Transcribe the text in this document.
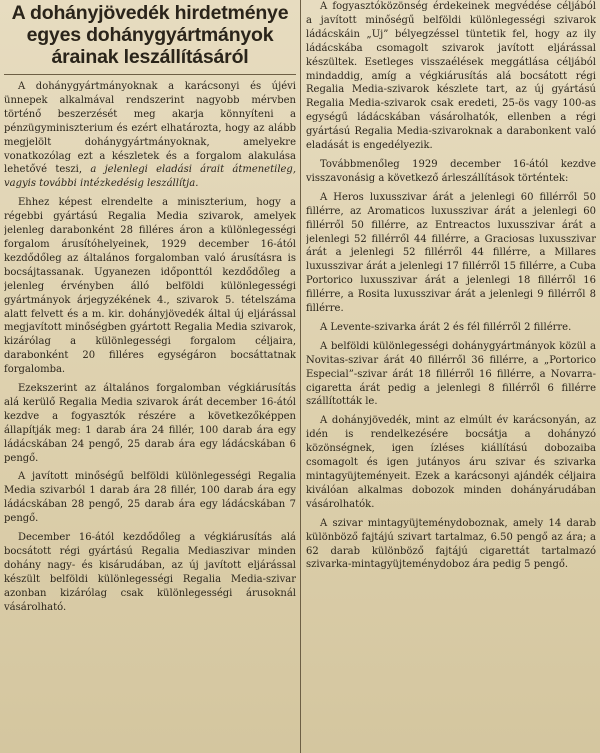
A dohányjövedék hirdetménye egyes dohánygyártmányok árainak leszállításáról

A dohánygyártmányoknak a karácsonyi és újévi ünnepek alkalmával rendszerint nagyobb mérvben történő beszerzését meg akarja könnyíteni a pénzügyminiszterium és ezért elhatározta, hogy az alább megjelölt dohánygyártmányoknak, amelyekre vonatkozólag ezt a készletek és a forgalom alakulása lehetővé teszi, a jelenlegi eladási árait átmenetileg, vagyis további intézkedésig leszállítja.

Ehhez képest elrendelte a miniszterium, hogy a régebbi gyártású Regalia Media szivarok, amelyek jelenleg darabonként 28 filléres áron a különlegességi forgalom árusítóhelyeinek, 1929 december 16-ától kezdődőleg az általános forgalomban való árusításra is bocsájtassanak. Ugyanezen időponttól kezdődőleg a jelenleg érvényben álló belföldi különlegességi gyártmányok árjegyzékének 4., szivarok 5. tételszáma alatt felvett és a m. kir. dohányjövedék által új eljárással megjavított minőségben gyártott Regalia Media szivarok, kizárólag a különlegességi forgalom céljaira, darabonként 20 filléres egységáron bocsáttatnak forgalomba.

Ezekszerint az általános forgalomban végkiárusítás alá kerülő Regalia Media szivarok árát december 16-ától kezdve a fogyasztók részére a következőképpen állapítják meg: 1 darab ára 24 fillér, 100 darab ára egy ládácskában 24 pengő, 25 darab ára egy ládácskában 6 pengő.

A javított minőségű belföldi különlegességi Regalia Media szivarból 1 darab ára 28 fillér, 100 darab ára egy ládácskában 28 pengő, 25 darab ára egy ládácskában 7 pengő.

December 16-ától kezdődőleg a végkiárusítás alá bocsátott régi gyártású Regalia Mediaszivar minden dohány nagy- és kisárudában, az új javított eljárással készült belföldi különlegességi Regalia Media-szivar azonban kizárólag csak különlegességi árusoknál vásárolható.

A fogyasztóközönség érdekeinek megvédése céljából a javított minőségű belföldi különlegességi szivarok ládácskáin „Uj” bélyegzéssel tüntetik fel, hogy az ily ládácskába csomagolt szivarok javított eljárással készültek. Esetleges visszaélések meggátlása céljából mindaddig, amíg a végkiárusítás alá bocsátott régi Regalia Media-szivarok készlete tart, az új gyártású Regalia Media-szivarok csak eredeti, 25-ös vagy 100-as egységű ládácskában vásárolhatók, ellenben a régi gyártású Regalia Media-szivaroknak a darabonkent való eladását is engedélyezik.

Továbbmenőleg 1929 december 16-ától kezdve visszavonásig a következő árleszállítások történtek:

A Heros luxusszivar árát a jelenlegi 60 fillérről 50 fillérre, az Aromaticos luxusszivar árát a jelenlegi 60 fillérről 50 fillérre, az Entreactos luxusszivar árát a jelenlegi 52 fillérről 44 fillérre, a Graciosas luxusszivar árát a jelenlegi 52 fillérről 44 fillérre, a Millares luxusszivar árát a jelenlegi 17 fillérről 15 fillérre, a Cuba Portorico luxusszivar árát a jelenlegi 18 fillérről 16 fillérre, a Rosita luxusszivar árát a jelenlegi 9 fillérről 8 fillérre.

A Levente-szivarka árát 2 és fél fillérről 2 fillérre.

A belföldi különlegességi dohánygyártmányok közül a Novitas-szivar árát 40 fillérről 36 fillérre, a „Portorico Especial”-szivar árát 18 fillérről 16 fillérre, a Novarra-cigaretta árát pedig a jelenlegi 8 fillérről 6 fillérre szállították le.

A dohányjövedék, mint az elmúlt év karácsonyán, az idén is rendelkezésére bocsátja a dohányzó közönségnek, igen ízléses kiállítású dobozaiba csomagolt és igen jutányos áru szivar és szivarka mintagyüjteményeit. Ezek a karácsonyi ajándék céljaira kiválóan alkalmas dobozok minden dohányárudában vásárolhatók.

A szivar mintagyüjteménydoboznak, amely 14 darab különböző fajtájú szivart tartalmaz, 6.50 pengő az ára; a 62 darab különböző fajtájú cigarettát tartalmazó szivarka-mintagyüjteménydoboz ára pedig 5 pengő.
